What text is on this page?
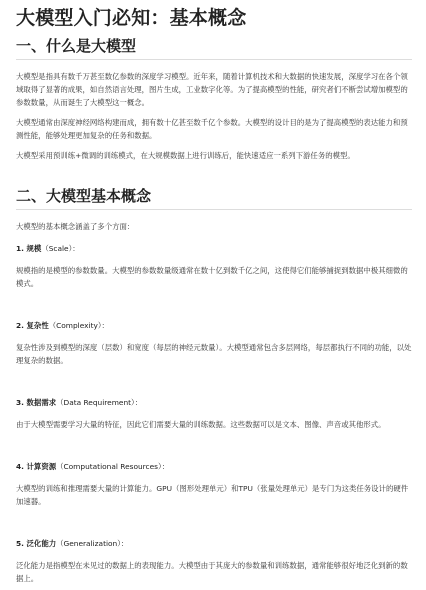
大模型入门必知：基本概念
一、什么是大模型

大模型是指具有数千万甚至数亿参数的深度学习模型。近年来，随着计算机技术和大数据的快速发展，深度学习在各个领域取得了显著的成果，如自然语言处理，图片生成，工业数字化等。为了提高模型的性能，研究者们不断尝试增加模型的参数数量，从而诞生了大模型这一概念。

大模型通常由深度神经网络构建而成，拥有数十亿甚至数千亿个参数。大模型的设计目的是为了提高模型的表达能力和预测性能，能够处理更加复杂的任务和数据。

大模型采用预训练+微调的训练模式，在大规模数据上进行训练后，能快速适应一系列下游任务的模型。

二、大模型基本概念

大模型的基本概念涵盖了多个方面：

1. 规模（Scale）：

规模指的是模型的参数数量。大模型的参数数量级通常在数十亿到数千亿之间，这使得它们能够捕捉到数据中极其细微的模式。

2. 复杂性（Complexity）：

复杂性涉及到模型的深度（层数）和宽度（每层的神经元数量）。大模型通常包含多层网络，每层都执行不同的功能，以处理复杂的数据。

3. 数据需求（Data Requirement）：

由于大模型需要学习大量的特征，因此它们需要大量的训练数据。这些数据可以是文本、图像、声音或其他形式。

4. 计算资源（Computational Resources）：

大模型的训练和推理需要大量的计算能力。GPU（图形处理单元）和TPU（张量处理单元）是专门为这类任务设计的硬件加速器。

5. 泛化能力（Generalization）：

泛化能力是指模型在未见过的数据上的表现能力。大模型由于其庞大的参数量和训练数据，通常能够很好地泛化到新的数据上。
